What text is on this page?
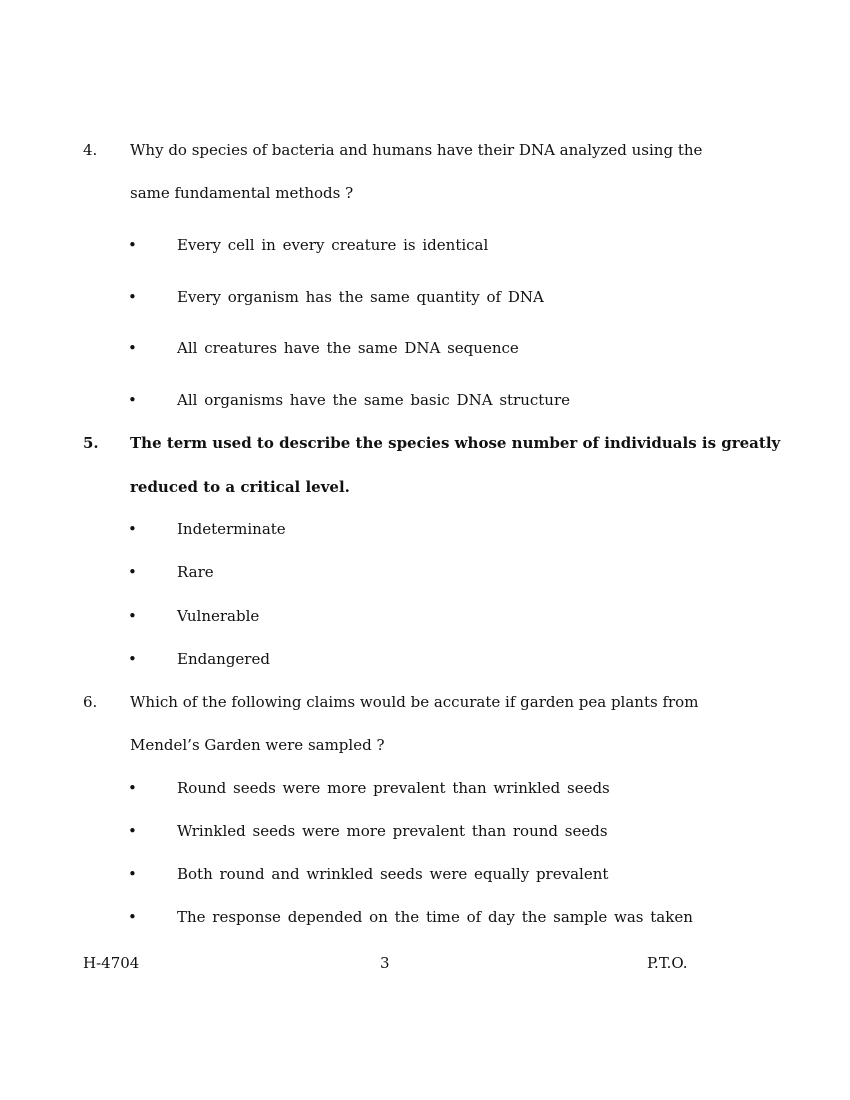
4. Why do species of bacteria and humans have their DNA analyzed using the
same fundamental methods ?
•	Every cell in every creature is identical
•	Every organism has the same quantity of DNA
•	All creatures have the same DNA sequence
•	All organisms have the same basic DNA structure
5. The term used to describe the species whose number of individuals is greatly
reduced to a critical level.
•	Indeterminate
•	Rare
•	Vulnerable
•	Endangered
6. Which of the following claims would be accurate if garden pea plants from
Mendel’s Garden were sampled ?
•	Round seeds were more prevalent than wrinkled seeds
•	Wrinkled seeds were more prevalent than round seeds
•	Both round and wrinkled seeds were equally prevalent
•	The response depended on the time of day the sample was taken
H-4704	3	P.T.O.
